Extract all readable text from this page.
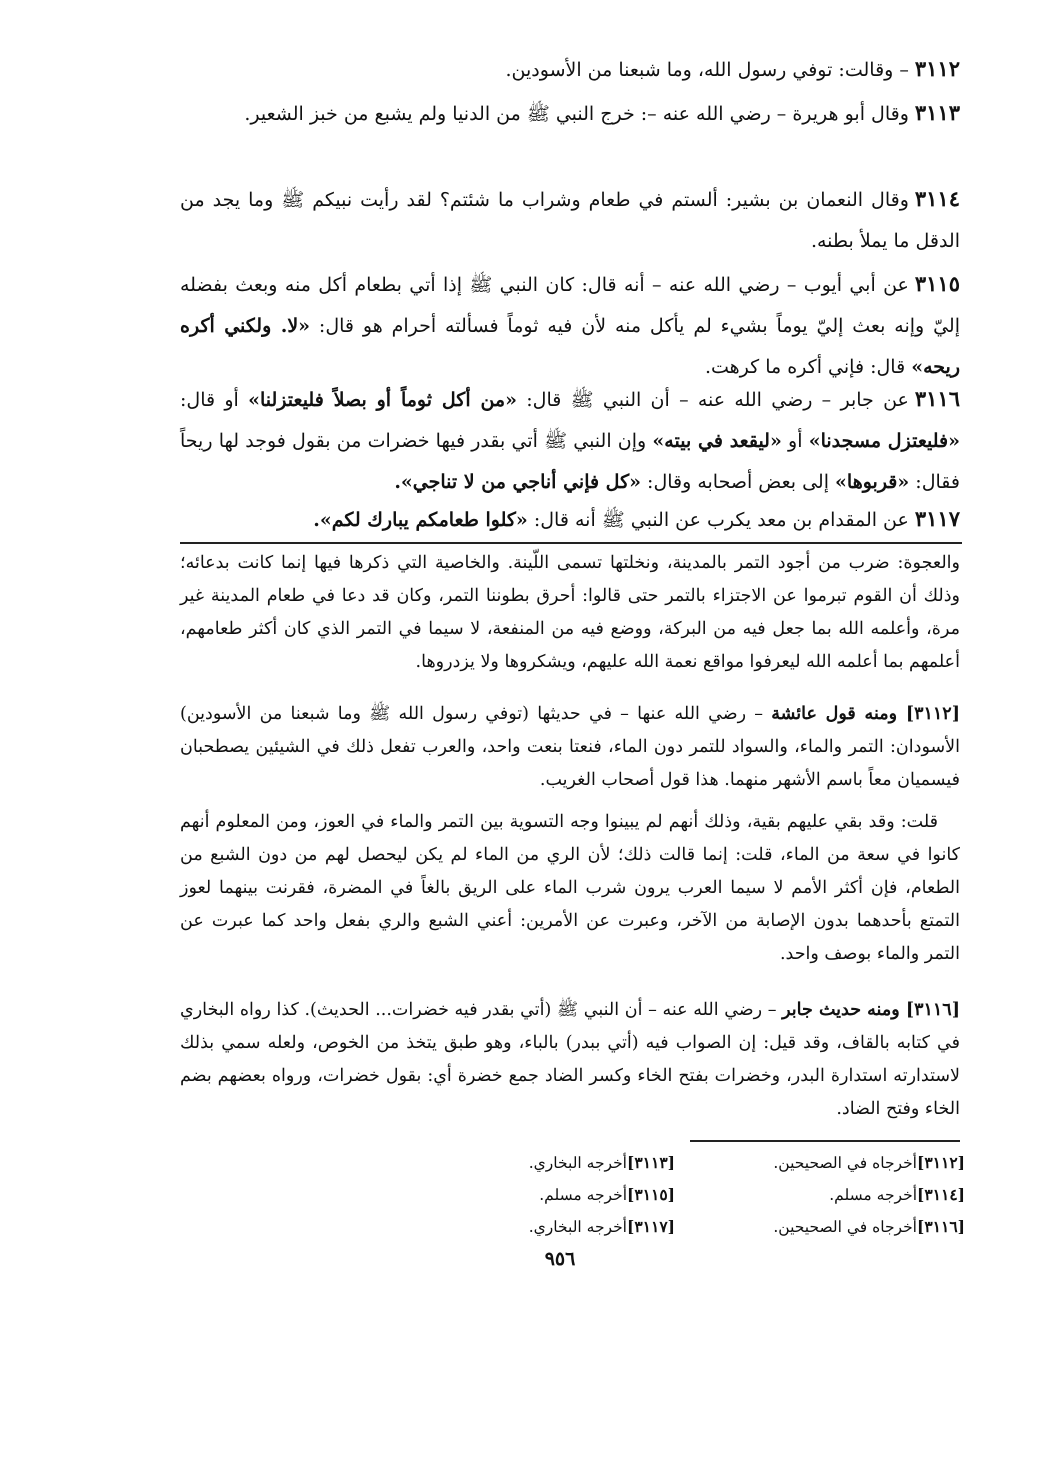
٣١١٢– وقالت: توفي رسول الله، وما شبعنا من الأسودين.
٣١١٣وقال أبو هريرة – رضي الله عنه –: خرج النبي ﷺ من الدنيا ولم يشبع من خبز الشعير.
٣١١٤وقال النعمان بن بشير: ألستم في طعام وشراب ما شئتم؟ لقد رأيت نبيكم ﷺ وما يجد من الدقل ما يملأ بطنه.
٣١١٥عن أبي أيوب – رضي الله عنه – أنه قال: كان النبي ﷺ إذا أتي بطعام أكل منه وبعث بفضله إليّ وإنه بعث إليّ يوماً بشيء لم يأكل منه لأن فيه ثوماً فسألته أحرام هو قال: «لا. ولكني أكره ريحه» قال: فإني أكره ما كرهت.
٣١١٦عن جابر – رضي الله عنه – أن النبي ﷺ قال: «من أكل ثوماً أو بصلاً فليعتزلنا» أو قال: «فليعتزل مسجدنا» أو «ليقعد في بيته» وإن النبي ﷺ أتي بقدر فيها خضرات من بقول فوجد لها ريحاً فقال: «قربوها» إلى بعض أصحابه وقال: «كل فإني أناجي من لا تناجي».
٣١١٧عن المقدام بن معد يكرب عن النبي ﷺ أنه قال: «كلوا طعامكم يبارك لكم».
والعجوة: ضرب من أجود التمر بالمدينة، ونخلتها تسمى اللّينة. والخاصية التي ذكرها فيها إنما كانت بدعائه؛ وذلك أن القوم تبرموا عن الاجتزاء بالتمر حتى قالوا: أحرق بطوننا التمر، وكان قد دعا في طعام المدينة غير مرة، وأعلمه الله بما جعل فيه من البركة، ووضع فيه من المنفعة، لا سيما في التمر الذي كان أكثر طعامهم، أعلمهم بما أعلمه الله ليعرفوا مواقع نعمة الله عليهم، ويشكروها ولا يزدروها.
[٣١١٢] ومنه قول عائشة – رضي الله عنها – في حديثها (توفي رسول الله ﷺ وما شبعنا من الأسودين) الأسودان: التمر والماء، والسواد للتمر دون الماء، فنعتا بنعت واحد، والعرب تفعل ذلك في الشيئين يصطحبان فيسميان معاً باسم الأشهر منهما. هذا قول أصحاب الغريب.
قلت: وقد بقي عليهم بقية، وذلك أنهم لم يبينوا وجه التسوية بين التمر والماء في العوز، ومن المعلوم أنهم كانوا في سعة من الماء، قلت: إنما قالت ذلك؛ لأن الري من الماء لم يكن ليحصل لهم من دون الشبع من الطعام، فإن أكثر الأمم لا سيما العرب يرون شرب الماء على الريق بالغاً في المضرة، فقرنت بينهما لعوز التمتع بأحدهما بدون الإصابة من الآخر، وعبرت عن الأمرين: أعني الشبع والري بفعل واحد كما عبرت عن التمر والماء بوصف واحد.
[٣١١٦] ومنه حديث جابر – رضي الله عنه – أن النبي ﷺ (أتي بقدر فيه خضرات... الحديث). كذا رواه البخاري في كتابه بالقاف، وقد قيل: إن الصواب فيه (أتي ببدر) بالباء، وهو طبق يتخذ من الخوص، ولعله سمي بذلك لاستدارته استدارة البدر، وخضرات بفتح الخاء وكسر الضاد جمع خضرة أي: بقول خضرات، ورواه بعضهم بضم الخاء وفتح الضاد.
[٣١١٢]أخرجاه في الصحيحين.
[٣١١٣]أخرجه البخاري.
[٣١١٤]أخرجه مسلم.
[٣١١٥]أخرجه مسلم.
[٣١١٦]أخرجاه في الصحيحين.
[٣١١٧]أخرجه البخاري.
٩٥٦
